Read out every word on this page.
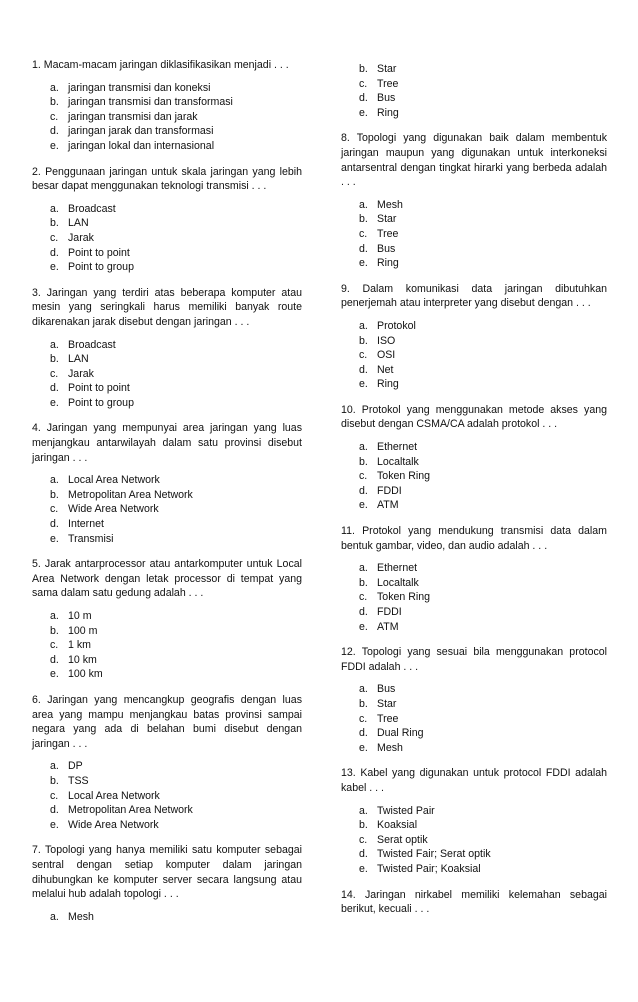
1. Macam-macam jaringan diklasifikasikan menjadi . . .

a. jaringan transmisi dan koneksi
b. jaringan transmisi dan transformasi
c. jaringan transmisi dan jarak
d. jaringan jarak dan transformasi
e. jaringan lokal dan internasional

2. Penggunaan jaringan untuk skala jaringan yang lebih besar dapat menggunakan teknologi transmisi . . .

a. Broadcast
b. LAN
c. Jarak
d. Point to point
e. Point to group

3. Jaringan yang terdiri atas beberapa komputer atau mesin yang seringkali harus memiliki banyak route dikarenakan jarak disebut dengan jaringan . . .

a. Broadcast
b. LAN
c. Jarak
d. Point to point
e. Point to group

4. Jaringan yang mempunyai area jaringan yang luas menjangkau antarwilayah dalam satu provinsi disebut jaringan . . .

a. Local Area Network
b. Metropolitan Area Network
c. Wide Area Network
d. Internet
e. Transmisi

5. Jarak antarprocessor atau antarkomputer untuk Local Area Network dengan letak processor di tempat yang sama dalam satu gedung adalah . . .

a. 10 m
b. 100 m
c. 1 km
d. 10 km
e. 100 km

6. Jaringan yang mencangkup geografis dengan luas area yang mampu menjangkau batas provinsi sampai negara yang ada di belahan bumi disebut dengan jaringan . . .

a. DP
b. TSS
c. Local Area Network
d. Metropolitan Area Network
e. Wide Area Network

7. Topologi yang hanya memiliki satu komputer sebagai sentral dengan setiap komputer dalam jaringan dihubungkan ke komputer server secara langsung atau melalui hub adalah topologi . . .

a. Mesh
b. Star
c. Tree
d. Bus
e. Ring

8. Topologi yang digunakan baik dalam membentuk jaringan maupun yang digunakan untuk interkoneksi antarsentral dengan tingkat hirarki yang berbeda adalah . . .

a. Mesh
b. Star
c. Tree
d. Bus
e. Ring

9. Dalam komunikasi data jaringan dibutuhkan penerjemah atau interpreter yang disebut dengan . . .

a. Protokol
b. ISO
c. OSI
d. Net
e. Ring

10. Protokol yang menggunakan metode akses yang disebut dengan CSMA/CA adalah protokol . . .

a. Ethernet
b. Localtalk
c. Token Ring
d. FDDI
e. ATM

11. Protokol yang mendukung transmisi data dalam bentuk gambar, video, dan audio adalah . . .

a. Ethernet
b. Localtalk
c. Token Ring
d. FDDI
e. ATM

12. Topologi yang sesuai bila menggunakan protocol FDDI adalah . . .

a. Bus
b. Star
c. Tree
d. Dual Ring
e. Mesh

13. Kabel yang digunakan untuk protocol FDDI adalah kabel . . .

a. Twisted Pair
b. Koaksial
c. Serat optik
d. Twisted Fair; Serat optik
e. Twisted Pair; Koaksial

14. Jaringan nirkabel memiliki kelemahan sebagai berikut, kecuali . . .
